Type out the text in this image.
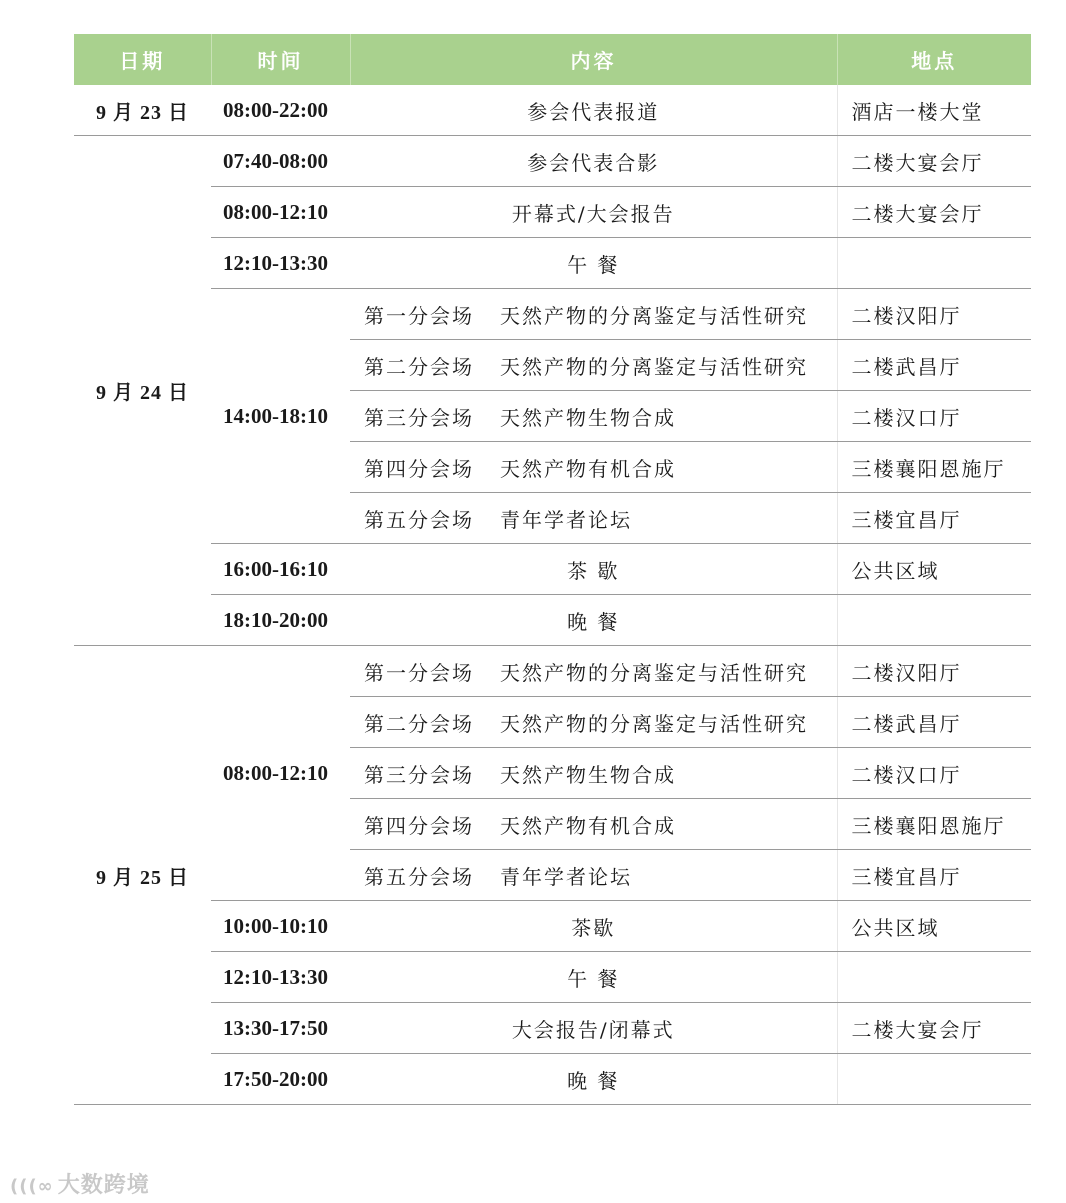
日期	时间	内容	地点
9 月 23 日	08:00-22:00	参会代表报道	酒店一楼大堂
9 月 24 日	07:40-08:00	参会代表合影	二楼大宴会厅
	08:00-12:10	开幕式/大会报告	二楼大宴会厅
	12:10-13:30	午 餐	
	14:00-18:10	第一分会场 天然产物的分离鉴定与活性研究	二楼汉阳厅
		第二分会场 天然产物的分离鉴定与活性研究	二楼武昌厅
		第三分会场 天然产物生物合成	二楼汉口厅
		第四分会场 天然产物有机合成	三楼襄阳恩施厅
		第五分会场 青年学者论坛	三楼宜昌厅
	16:00-16:10	茶 歇	公共区域
	18:10-20:00	晚 餐	
9 月 25 日	08:00-12:10	第一分会场 天然产物的分离鉴定与活性研究	二楼汉阳厅
		第二分会场 天然产物的分离鉴定与活性研究	二楼武昌厅
		第三分会场 天然产物生物合成	二楼汉口厅
		第四分会场 天然产物有机合成	三楼襄阳恩施厅
		第五分会场 青年学者论坛	三楼宜昌厅
	10:00-10:10	茶歇	公共区域
	12:10-13:30	午 餐	
	13:30-17:50	大会报告/闭幕式	二楼大宴会厅
	17:50-20:00	晚 餐	
(((∞ 大数跨境
